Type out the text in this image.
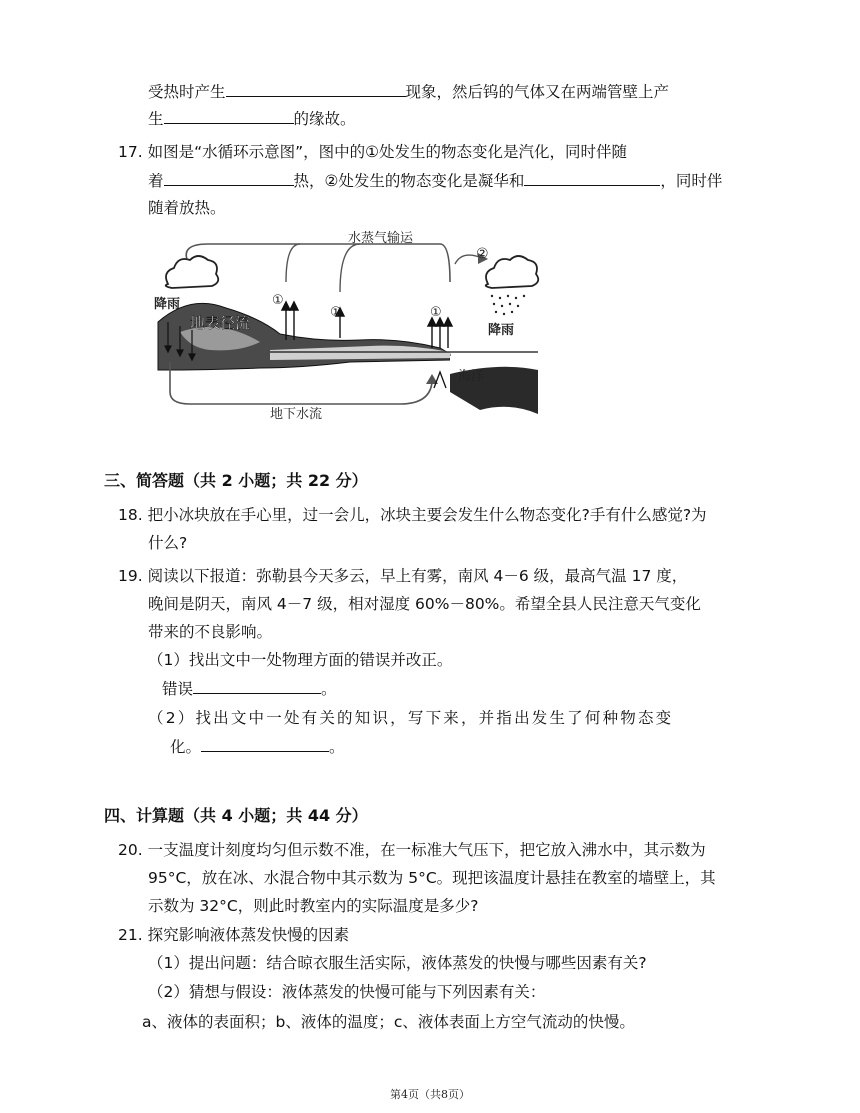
受热时产生	现象，然后钨的气体又在两端管壁上产
生	的缘故。
17. 如图是“水循环示意图”，图中的①处发生的物态变化是汽化，同时伴随
着	热，②处发生的物态变化是凝华和	，同时伴
随着放热。
水蒸气输运
②
①
①	①
降雨
降雨
地表径流
海洋
地下水流
三、简答题（共 2 小题；共 22 分）
18. 把小冰块放在手心里，过一会儿，冰块主要会发生什么物态变化?手有什么感觉?为
什么?
19. 阅读以下报道：弥勒县今天多云，早上有雾，南风 4－6 级，最高气温 17 度，
晚间是阴天，南风 4－7 级，相对湿度 60%－80%。希望全县人民注意天气变化
带来的不良影响。
（1）找出文中一处物理方面的错误并改正。
错误	。
（2）找出文中一处有关的知识，写下来，并指出发生了何种物态变
化。	。
四、计算题（共 4 小题；共 44 分）
20. 一支温度计刻度均匀但示数不准，在一标准大气压下，把它放入沸水中，其示数为
95°C，放在冰、水混合物中其示数为 5°C。现把该温度计悬挂在教室的墙壁上，其
示数为 32°C，则此时教室内的实际温度是多少?
21. 探究影响液体蒸发快慢的因素
（1）提出问题：结合晾衣服生活实际，液体蒸发的快慢与哪些因素有关?
（2）猜想与假设：液体蒸发的快慢可能与下列因素有关：
a、液体的表面积；b、液体的温度；c、液体表面上方空气流动的快慢。
第4页（共8页）
